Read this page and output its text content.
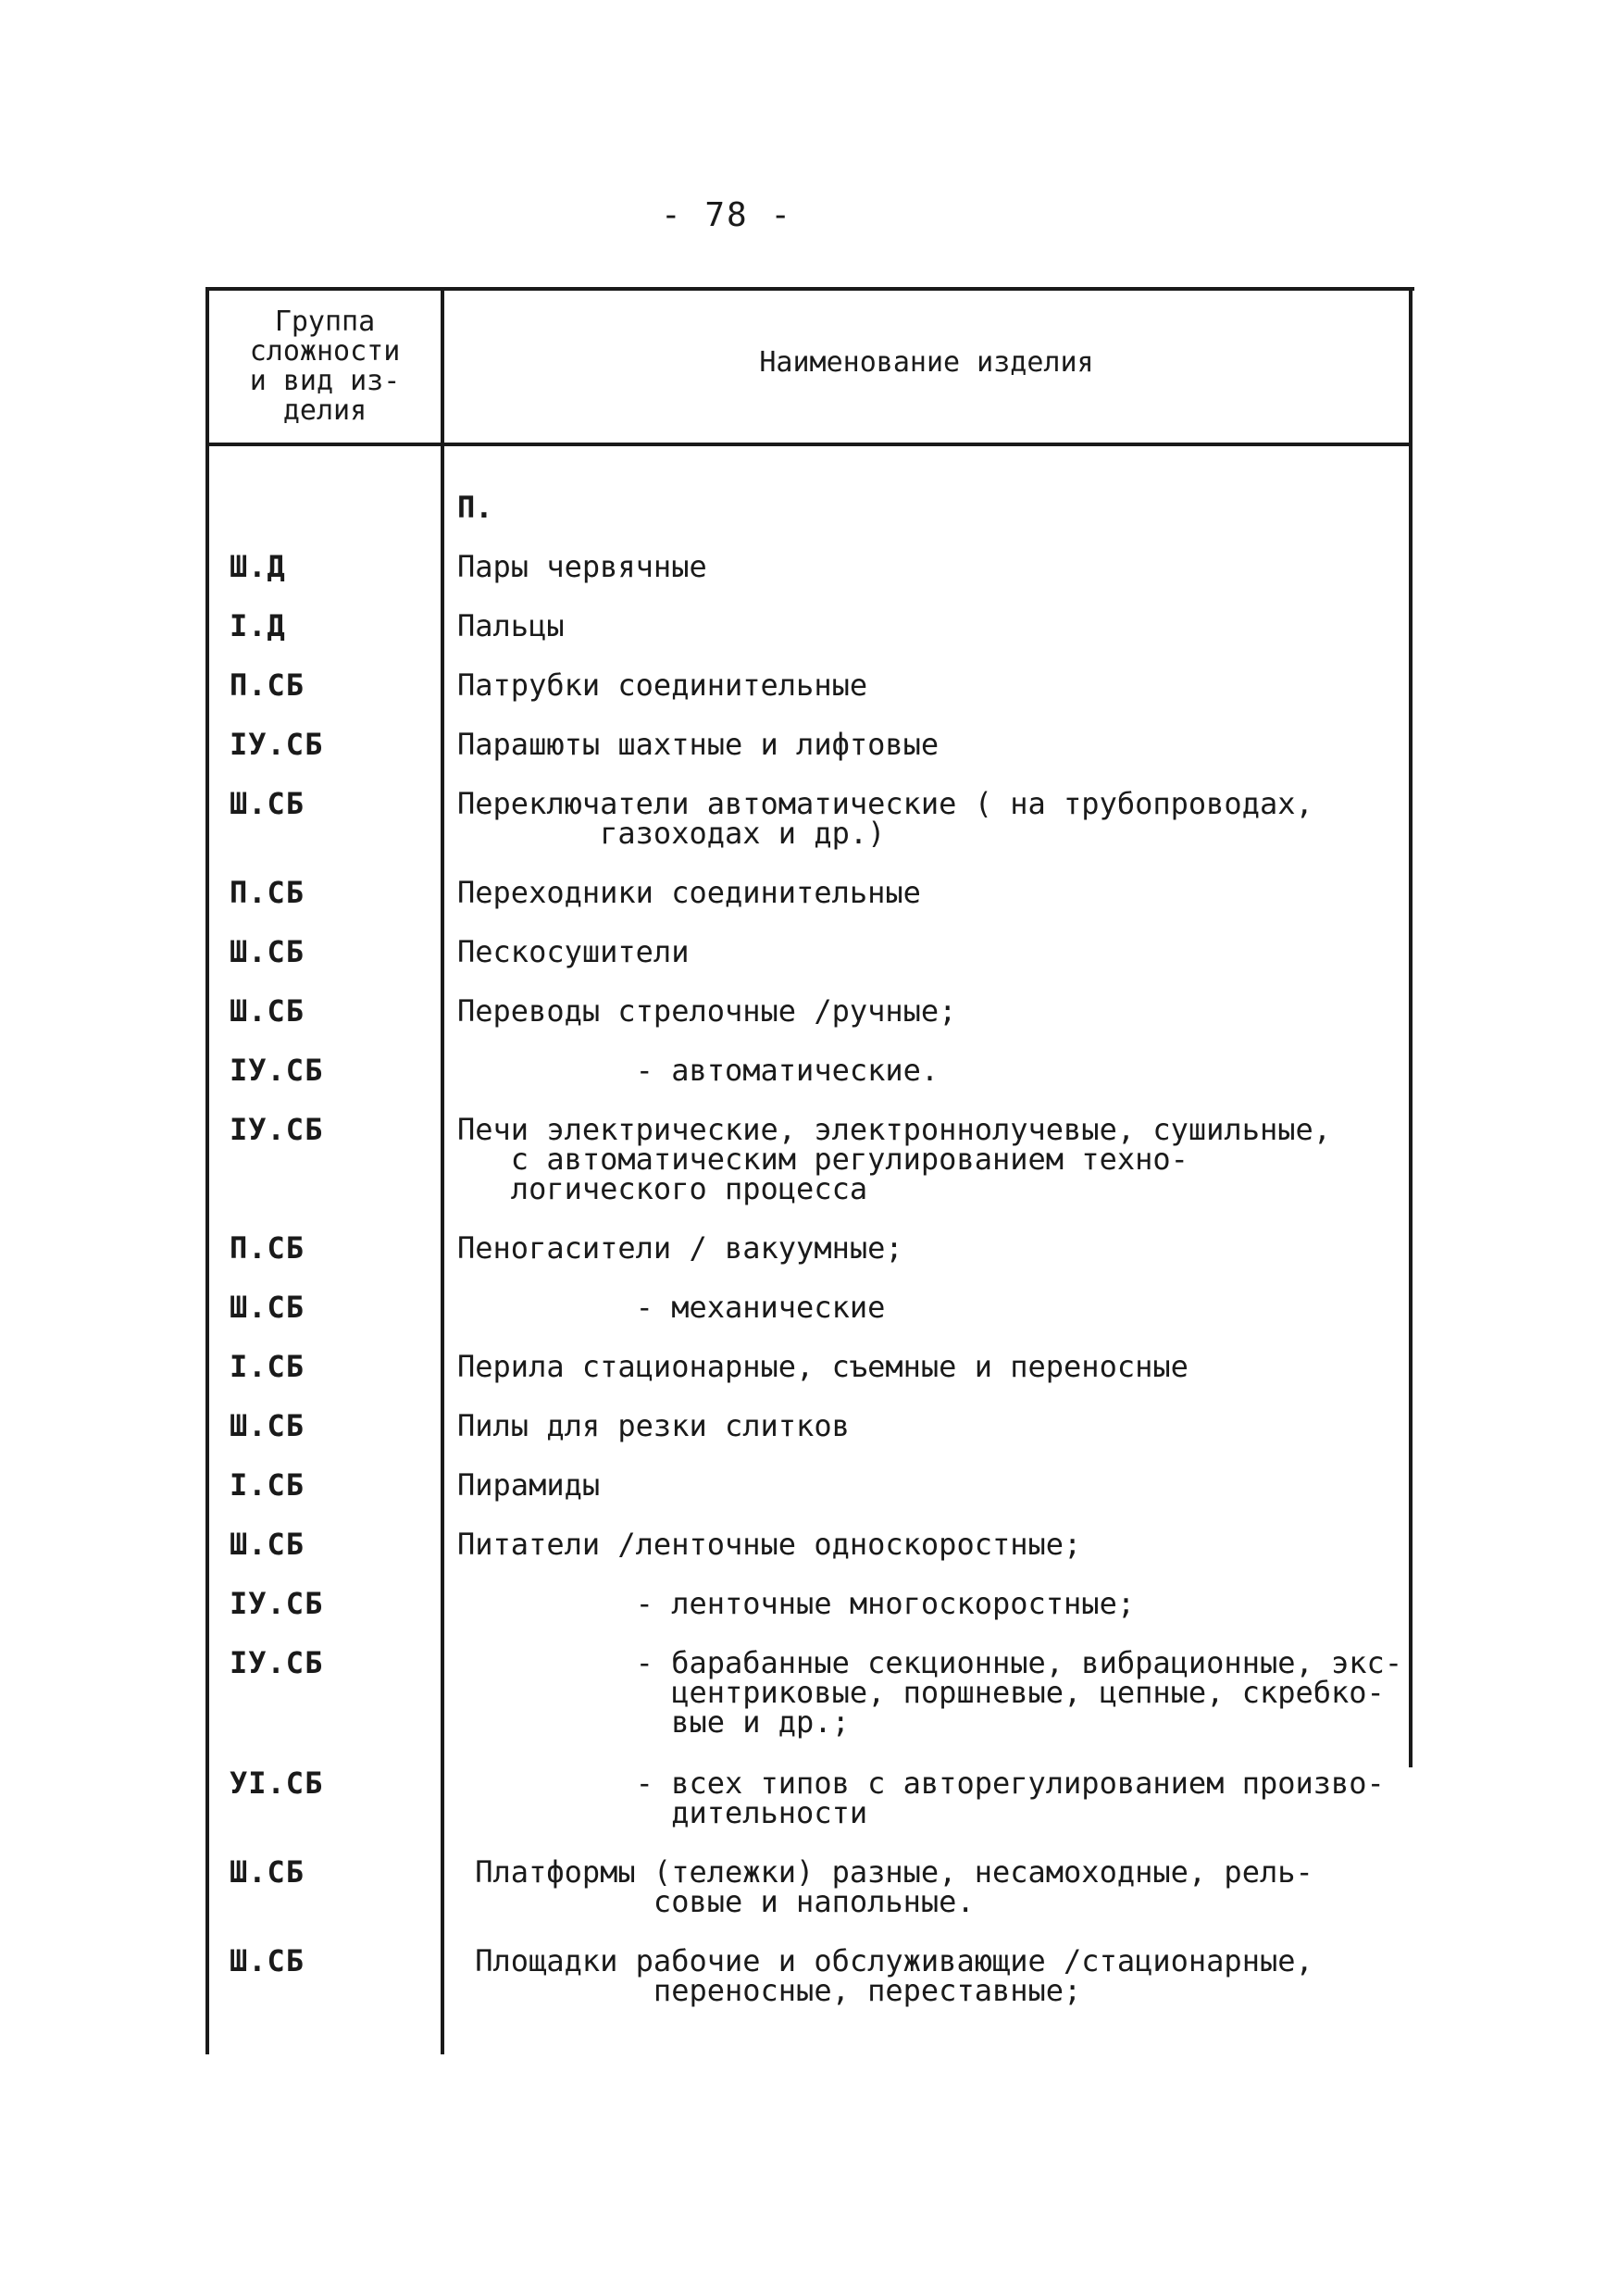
- 78 -
Группа
сложности
и вид из-
делия
Наименование изделия
П.
Ш.Д	Пары червячные
I.Д	Пальцы
П.СБ	Патрубки соединительные
IУ.СБ	Парашюты шахтные и лифтовые
Ш.СБ	Переключатели автоматические ( на трубопроводах,
газоходах и др.)
П.СБ	Переходники соединительные
Ш.СБ	Пескосушители
Ш.СБ	Переводы стрелочные /ручные;
IУ.СБ	- автоматические.
IУ.СБ	Печи электрические, электроннолучевые, сушильные,
с автоматическим регулированием техно-
логического процесса
П.СБ	Пеногасители / вакуумные;
Ш.СБ	- механические
I.СБ	Перила стационарные, съемные и переносные
Ш.СБ	Пилы для резки слитков
I.СБ	Пирамиды
Ш.СБ	Питатели /ленточные односкоростные;
IУ.СБ	- ленточные многоскоростные;
IУ.СБ	- барабанные секционные, вибрационные, экс-
центриковые, поршневые, цепные, скребко-
вые и др.;
УI.СБ	- всех типов с авторегулированием произво-
дительности
Ш.СБ	Платформы (тележки) разные, несамоходные, рель-
совые и напольные.
Ш.СБ	Площадки рабочие и обслуживающие /стационарные,
переносные, переставные;
